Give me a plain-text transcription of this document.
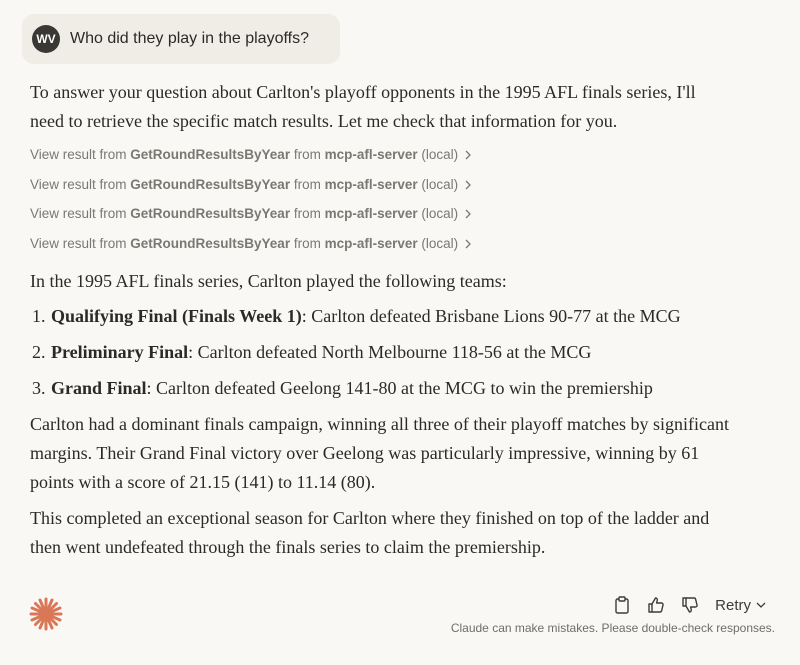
WV Who did they play in the playoffs?

To answer your question about Carlton's playoff opponents in the 1995 AFL finals series, I'll need to retrieve the specific match results. Let me check that information for you.

View result from GetRoundResultsByYear from mcp-afl-server (local)
View result from GetRoundResultsByYear from mcp-afl-server (local)
View result from GetRoundResultsByYear from mcp-afl-server (local)
View result from GetRoundResultsByYear from mcp-afl-server (local)

In the 1995 AFL finals series, Carlton played the following teams:

1. Qualifying Final (Finals Week 1): Carlton defeated Brisbane Lions 90-77 at the MCG
2. Preliminary Final: Carlton defeated North Melbourne 118-56 at the MCG
3. Grand Final: Carlton defeated Geelong 141-80 at the MCG to win the premiership

Carlton had a dominant finals campaign, winning all three of their playoff matches by significant margins. Their Grand Final victory over Geelong was particularly impressive, winning by 61 points with a score of 21.15 (141) to 11.14 (80).

This completed an exceptional season for Carlton where they finished on top of the ladder and then went undefeated through the finals series to claim the premiership.

Retry
Claude can make mistakes. Please double-check responses.
